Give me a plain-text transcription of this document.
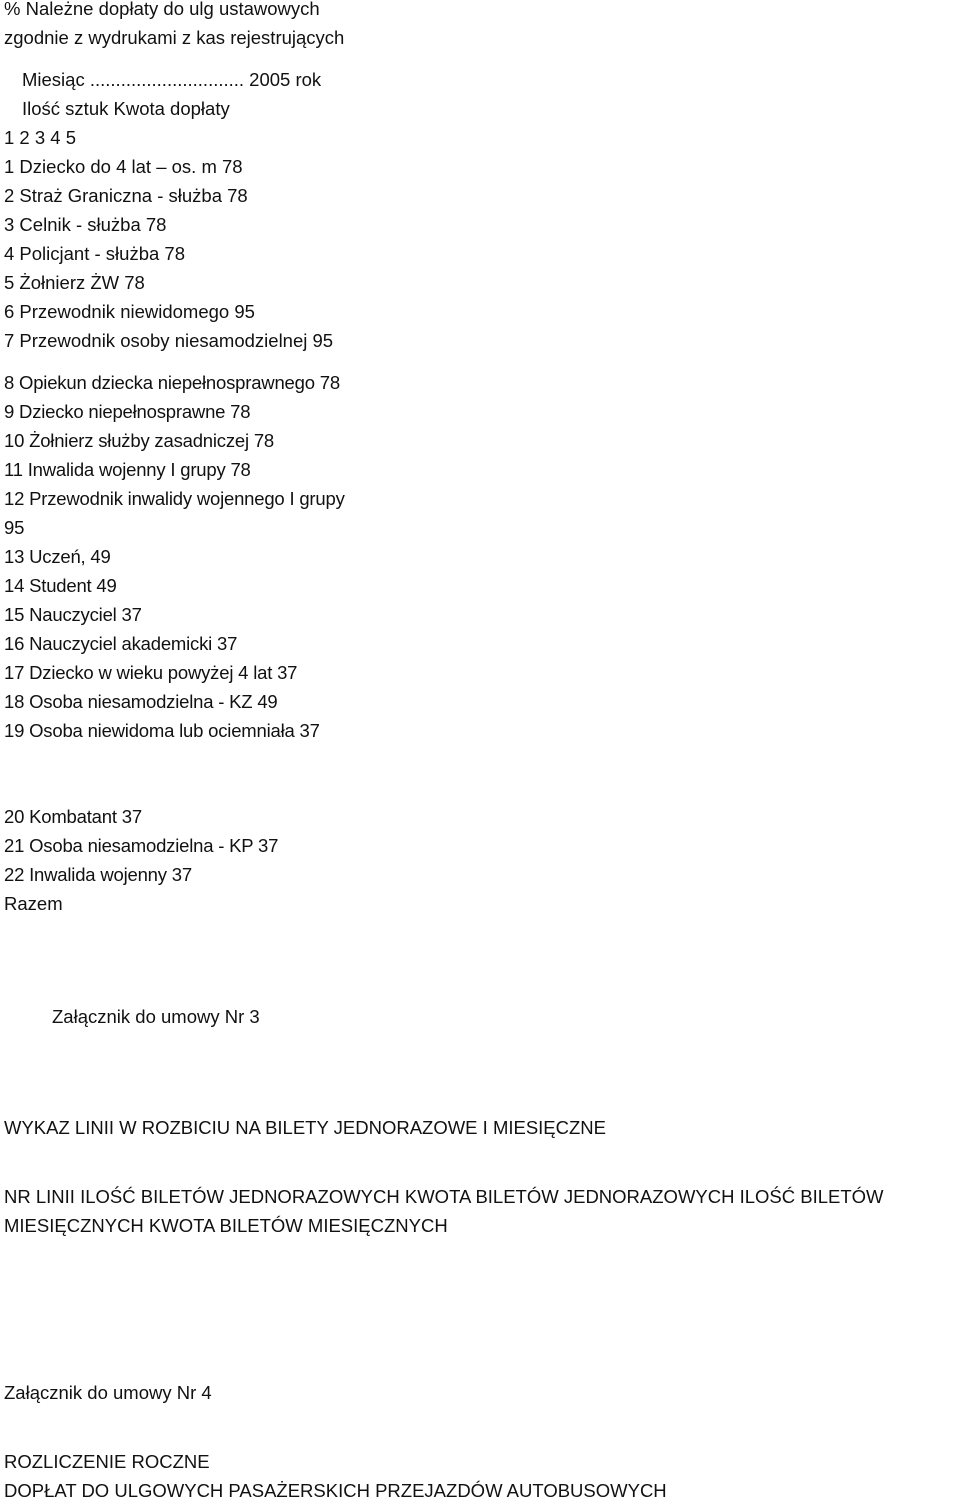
% Należne dopłaty do ulg ustawowych
zgodnie z wydrukami z kas rejestrujących
Miesiąc .............................. 2005 rok
Ilość sztuk Kwota dopłaty
1 2 3 4 5
1 Dziecko do 4 lat – os. m 78
2 Straż Graniczna - służba 78
3 Celnik - służba 78
4 Policjant - służba 78
5 Żołnierz ŻW 78
6 Przewodnik niewidomego 95
7 Przewodnik osoby niesamodzielnej 95
8 Opiekun dziecka niepełnosprawnego 78
9 Dziecko niepełnosprawne 78
10 Żołnierz służby zasadniczej 78
11 Inwalida wojenny I grupy 78
12 Przewodnik inwalidy wojennego I grupy
95
13 Uczeń, 49
14 Student 49
15 Nauczyciel 37
16 Nauczyciel akademicki 37
17 Dziecko w wieku powyżej 4 lat 37
18 Osoba niesamodzielna - KZ 49
19 Osoba niewidoma lub ociemniała 37
20 Kombatant 37
21 Osoba niesamodzielna - KP 37
22 Inwalida wojenny 37
Razem
Załącznik do umowy Nr 3
WYKAZ LINII W ROZBICIU NA BILETY JEDNORAZOWE I MIESIĘCZNE
NR LINII ILOŚĆ BILETÓW JEDNORAZOWYCH KWOTA BILETÓW JEDNORAZOWYCH ILOŚĆ BILETÓW
MIESIĘCZNYCH KWOTA BILETÓW MIESIĘCZNYCH
Załącznik do umowy Nr 4
ROZLICZENIE ROCZNE
DOPŁAT DO ULGOWYCH PASAŻERSKICH PRZEJAZDÓW AUTOBUSOWYCH
